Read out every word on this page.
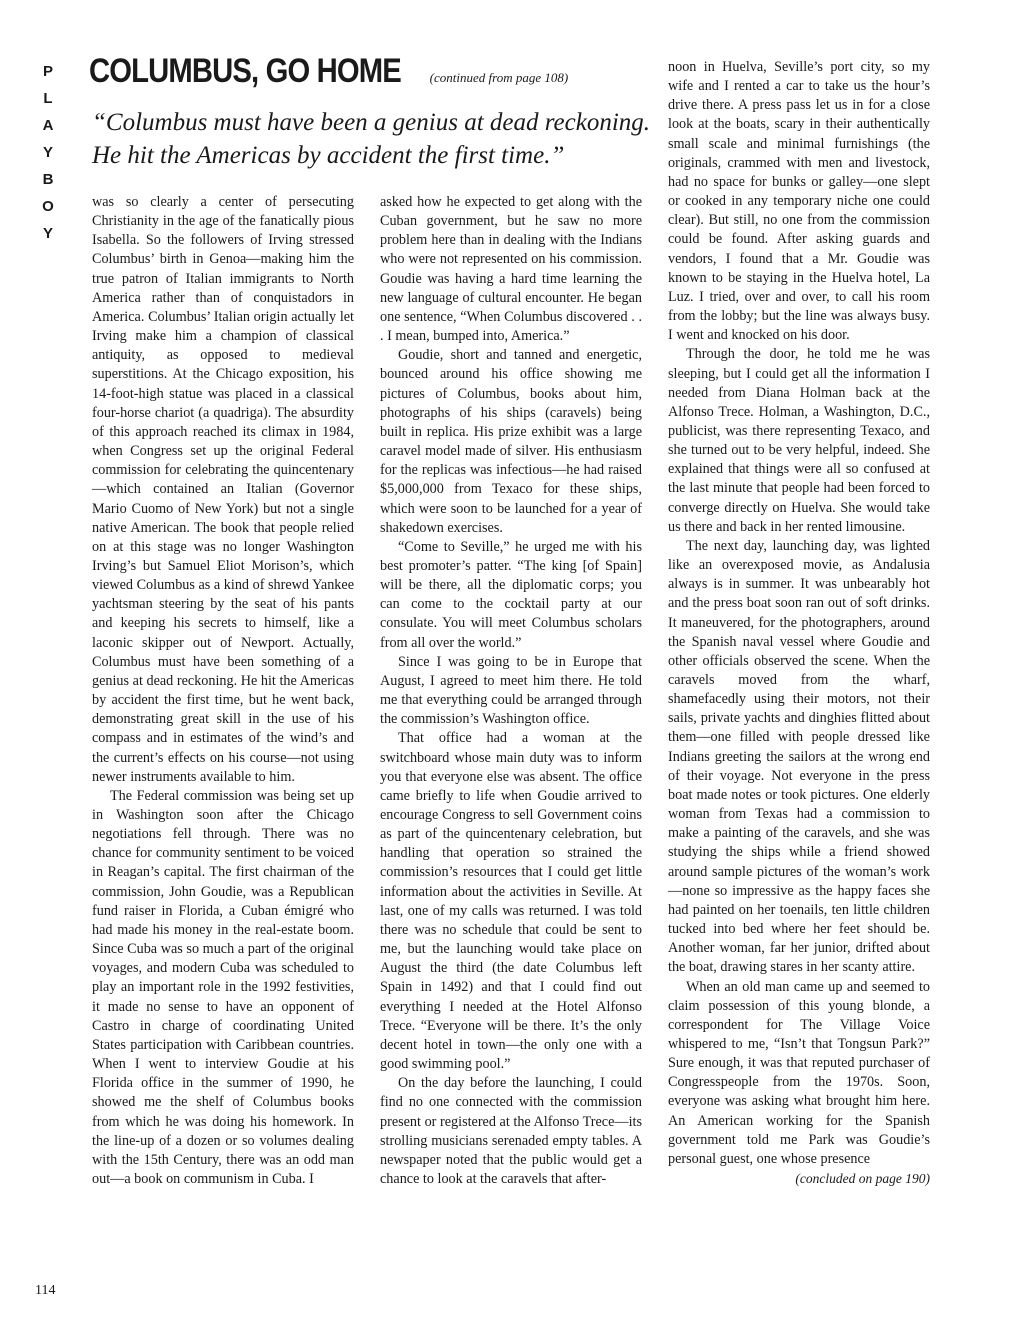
P
L
A
Y
B
O
Y
COLUMBUS, GO HOME (continued from page 108)

“Columbus must have been a genius at dead reckoning. He hit the Americas by accident the first time.”

was so clearly a center of persecuting Christianity in the age of the fanatically pious Isabella. So the followers of Irving stressed Columbus’ birth in Genoa—making him the true patron of Italian immigrants to North America rather than of conquistadors in America. Columbus’ Italian origin actually let Irving make him a champion of classical antiquity, as opposed to medieval superstitions. At the Chicago exposition, his 14-foot-high statue was placed in a classical four-horse chariot (a quadriga). The absurdity of this approach reached its climax in 1984, when Congress set up the original Federal commission for celebrating the quincentenary—which contained an Italian (Governor Mario Cuomo of New York) but not a single native American. The book that people relied on at this stage was no longer Washington Irving’s but Samuel Eliot Morison’s, which viewed Columbus as a kind of shrewd Yankee yachtsman steering by the seat of his pants and keeping his secrets to himself, like a laconic skipper out of Newport. Actually, Columbus must have been something of a genius at dead reckoning. He hit the Americas by accident the first time, but he went back, demonstrating great skill in the use of his compass and in estimates of the wind’s and the current’s effects on his course—not using newer instruments available to him.

The Federal commission was being set up in Washington soon after the Chicago negotiations fell through. There was no chance for community sentiment to be voiced in Reagan’s capital. The first chairman of the commission, John Goudie, was a Republican fund raiser in Florida, a Cuban émigré who had made his money in the real-estate boom. Since Cuba was so much a part of the original voyages, and modern Cuba was scheduled to play an important role in the 1992 festivities, it made no sense to have an opponent of Castro in charge of coordinating United States participation with Caribbean countries. When I went to interview Goudie at his Florida office in the summer of 1990, he showed me the shelf of Columbus books from which he was doing his homework. In the line-up of a dozen or so volumes dealing with the 15th Century, there was an odd man out—a book on communism in Cuba. I

asked how he expected to get along with the Cuban government, but he saw no more problem here than in dealing with the Indians who were not represented on his commission. Goudie was having a hard time learning the new language of cultural encounter. He began one sentence, “When Columbus discovered . . . I mean, bumped into, America.”

Goudie, short and tanned and energetic, bounced around his office showing me pictures of Columbus, books about him, photographs of his ships (caravels) being built in replica. His prize exhibit was a large caravel model made of silver. His enthusiasm for the replicas was infectious—he had raised $5,000,000 from Texaco for these ships, which were soon to be launched for a year of shakedown exercises.

“Come to Seville,” he urged me with his best promoter’s patter. “The king [of Spain] will be there, all the diplomatic corps; you can come to the cocktail party at our consulate. You will meet Columbus scholars from all over the world.”

Since I was going to be in Europe that August, I agreed to meet him there. He told me that everything could be arranged through the commission’s Washington office.

That office had a woman at the switchboard whose main duty was to inform you that everyone else was absent. The office came briefly to life when Goudie arrived to encourage Congress to sell Government coins as part of the quincentenary celebration, but handling that operation so strained the commission’s resources that I could get little information about the activities in Seville. At last, one of my calls was returned. I was told there was no schedule that could be sent to me, but the launching would take place on August the third (the date Columbus left Spain in 1492) and that I could find out everything I needed at the Hotel Alfonso Trece. “Everyone will be there. It’s the only decent hotel in town—the only one with a good swimming pool.”

On the day before the launching, I could find no one connected with the commission present or registered at the Alfonso Trece—its strolling musicians serenaded empty tables. A newspaper noted that the public would get a chance to look at the caravels that after-

noon in Huelva, Seville’s port city, so my wife and I rented a car to take us the hour’s drive there. A press pass let us in for a close look at the boats, scary in their authentically small scale and minimal furnishings (the originals, crammed with men and livestock, had no space for bunks or galley—one slept or cooked in any temporary niche one could clear). But still, no one from the commission could be found. After asking guards and vendors, I found that a Mr. Goudie was known to be staying in the Huelva hotel, La Luz. I tried, over and over, to call his room from the lobby; but the line was always busy. I went and knocked on his door.

Through the door, he told me he was sleeping, but I could get all the information I needed from Diana Holman back at the Alfonso Trece. Holman, a Washington, D.C., publicist, was there representing Texaco, and she turned out to be very helpful, indeed. She explained that things were all so confused at the last minute that people had been forced to converge directly on Huelva. She would take us there and back in her rented limousine.

The next day, launching day, was lighted like an overexposed movie, as Andalusia always is in summer. It was unbearably hot and the press boat soon ran out of soft drinks. It maneuvered, for the photographers, around the Spanish naval vessel where Goudie and other officials observed the scene. When the caravels moved from the wharf, shamefacedly using their motors, not their sails, private yachts and dinghies flitted about them—one filled with people dressed like Indians greeting the sailors at the wrong end of their voyage. Not everyone in the press boat made notes or took pictures. One elderly woman from Texas had a commission to make a painting of the caravels, and she was studying the ships while a friend showed around sample pictures of the woman’s work—none so impressive as the happy faces she had painted on her toenails, ten little children tucked into bed where her feet should be. Another woman, far her junior, drifted about the boat, drawing stares in her scanty attire.

When an old man came up and seemed to claim possession of this young blonde, a correspondent for The Village Voice whispered to me, “Isn’t that Tongsun Park?” Sure enough, it was that reputed purchaser of Congresspeople from the 1970s. Soon, everyone was asking what brought him here. An American working for the Spanish government told me Park was Goudie’s personal guest, one whose presence

(concluded on page 190)
114
